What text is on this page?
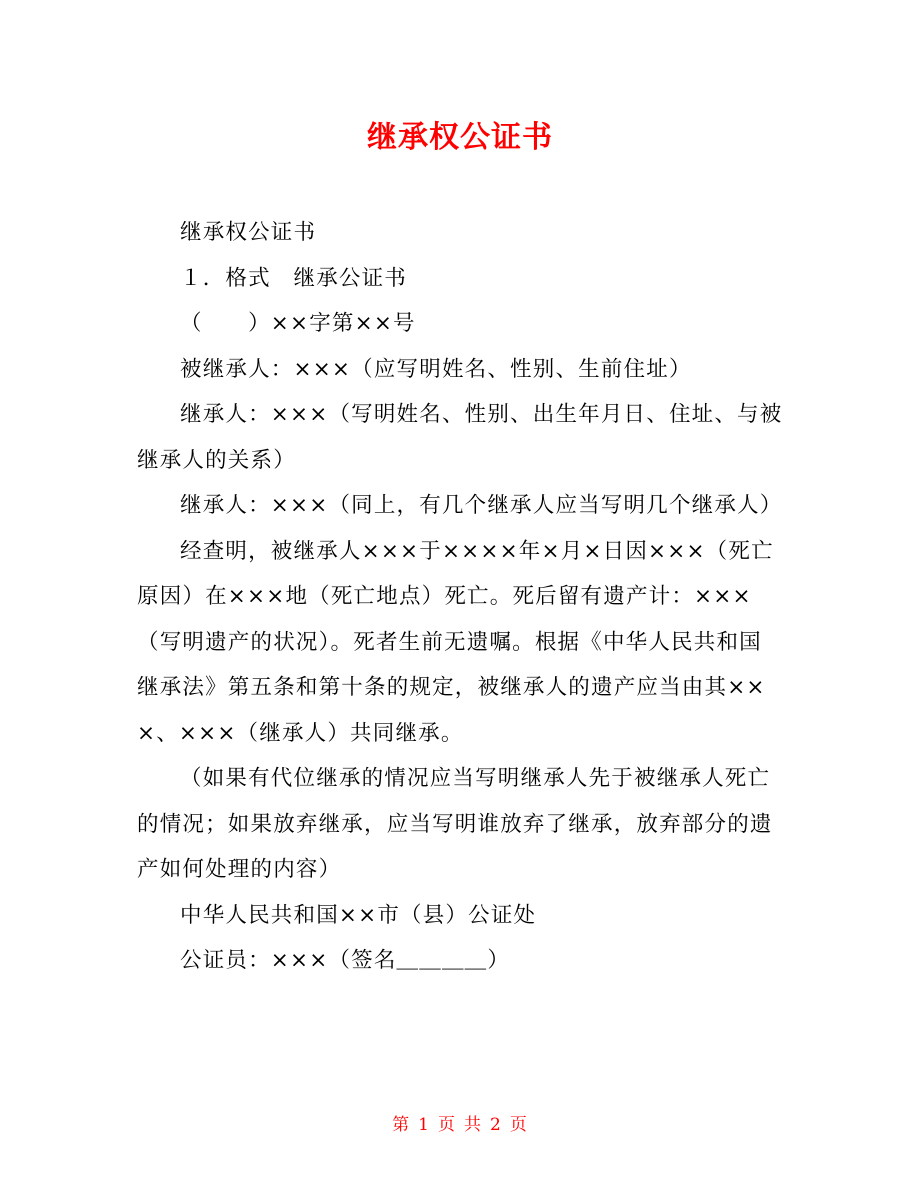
继承权公证书

继承权公证书

１．格式　继承公证书

（　　）××字第××号

被继承人：×××（应写明姓名、性别、生前住址）

继承人：×××（写明姓名、性别、出生年月日、住址、与被继承人的关系）

继承人：×××（同上，有几个继承人应当写明几个继承人）

经查明，被继承人×××于××××年×月×日因×××（死亡原因）在×××地（死亡地点）死亡。死后留有遗产计：×××（写明遗产的状况）。死者生前无遗嘱。根据《中华人民共和国继承法》第五条和第十条的规定，被继承人的遗产应当由其×××、×××（继承人）共同继承。

（如果有代位继承的情况应当写明继承人先于被继承人死亡的情况；如果放弃继承，应当写明谁放弃了继承，放弃部分的遗产如何处理的内容）

中华人民共和国××市（县）公证处

公证员：×××（签名＿＿＿＿）

第 1 页 共 2 页
